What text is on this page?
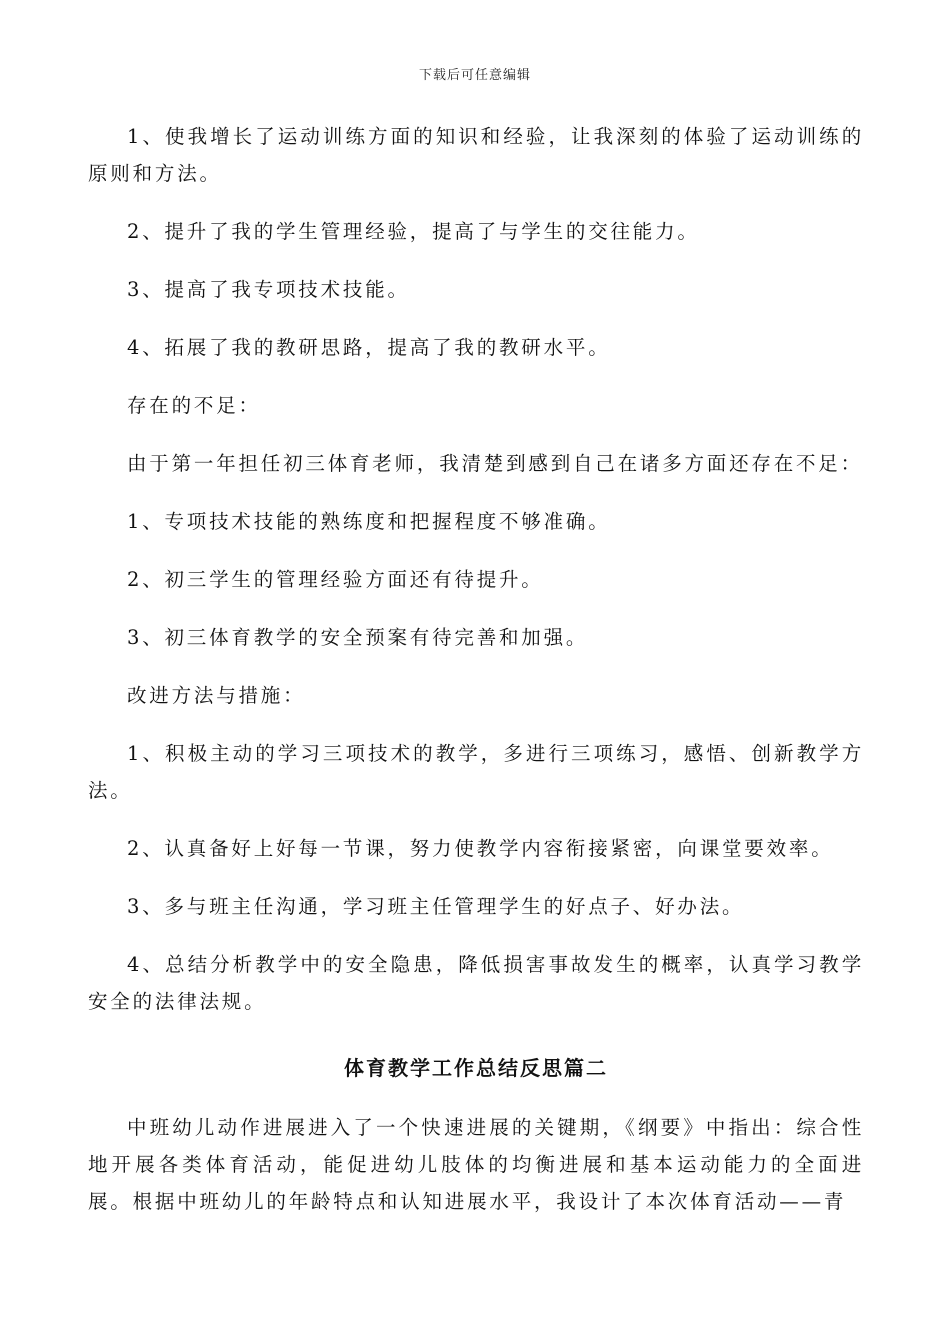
下载后可任意编辑

1、使我增长了运动训练方面的知识和经验，让我深刻的体验了运动训练的原则和方法。

2、提升了我的学生管理经验，提高了与学生的交往能力。

3、提高了我专项技术技能。

4、拓展了我的教研思路，提高了我的教研水平。

存在的不足：

由于第一年担任初三体育老师，我清楚到感到自己在诸多方面还存在不足：

1、专项技术技能的熟练度和把握程度不够准确。

2、初三学生的管理经验方面还有待提升。

3、初三体育教学的安全预案有待完善和加强。

改进方法与措施：

1、积极主动的学习三项技术的教学，多进行三项练习，感悟、创新教学方法。

2、认真备好上好每一节课，努力使教学内容衔接紧密，向课堂要效率。

3、多与班主任沟通，学习班主任管理学生的好点子、好办法。

4、总结分析教学中的安全隐患，降低损害事故发生的概率，认真学习教学安全的法律法规。

体育教学工作总结反思篇二

中班幼儿动作进展进入了一个快速进展的关键期，《纲要》中指出：综合性地开展各类体育活动，能促进幼儿肢体的均衡进展和基本运动能力的全面进展。根据中班幼儿的年龄特点和认知进展水平，我设计了本次体育活动——青
